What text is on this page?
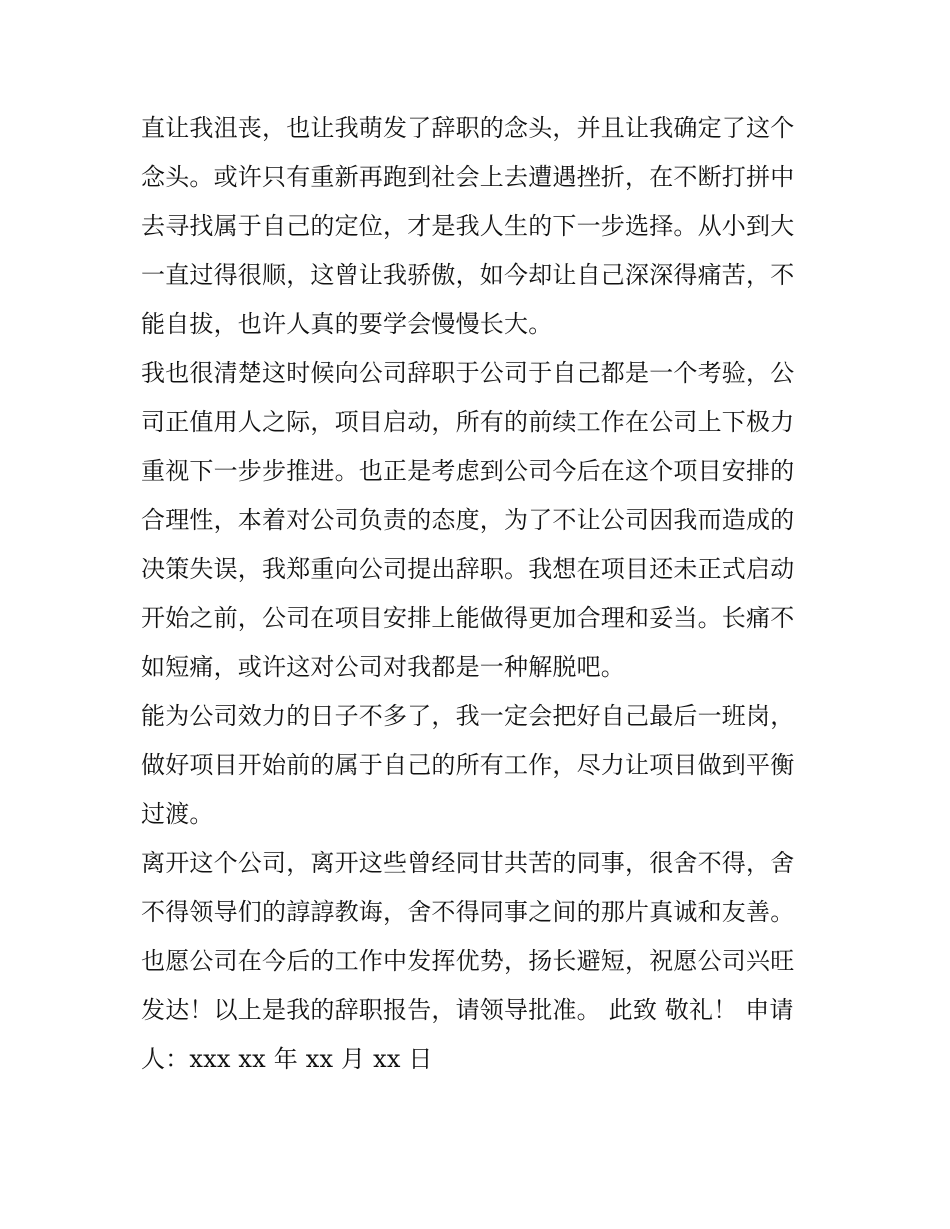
直让我沮丧，也让我萌发了辞职的念头，并且让我确定了这个
念头。或许只有重新再跑到社会上去遭遇挫折，在不断打拼中
去寻找属于自己的定位，才是我人生的下一步选择。从小到大
一直过得很顺，这曾让我骄傲，如今却让自己深深得痛苦，不
能自拔，也许人真的要学会慢慢长大。
我也很清楚这时候向公司辞职于公司于自己都是一个考验，公
司正值用人之际，项目启动，所有的前续工作在公司上下极力
重视下一步步推进。也正是考虑到公司今后在这个项目安排的
合理性，本着对公司负责的态度，为了不让公司因我而造成的
决策失误，我郑重向公司提出辞职。我想在项目还未正式启动
开始之前，公司在项目安排上能做得更加合理和妥当。长痛不
如短痛，或许这对公司对我都是一种解脱吧。
能为公司效力的日子不多了，我一定会把好自己最后一班岗，
做好项目开始前的属于自己的所有工作，尽力让项目做到平衡
过渡。
离开这个公司，离开这些曾经同甘共苦的同事，很舍不得，舍
不得领导们的諄諄教诲，舍不得同事之间的那片真诚和友善。
也愿公司在今后的工作中发挥优势，扬长避短，祝愿公司兴旺
发达！以上是我的辞职报告，请领导批准。 此致 敬礼！ 申请
人：xxx xx 年 xx 月 xx 日
